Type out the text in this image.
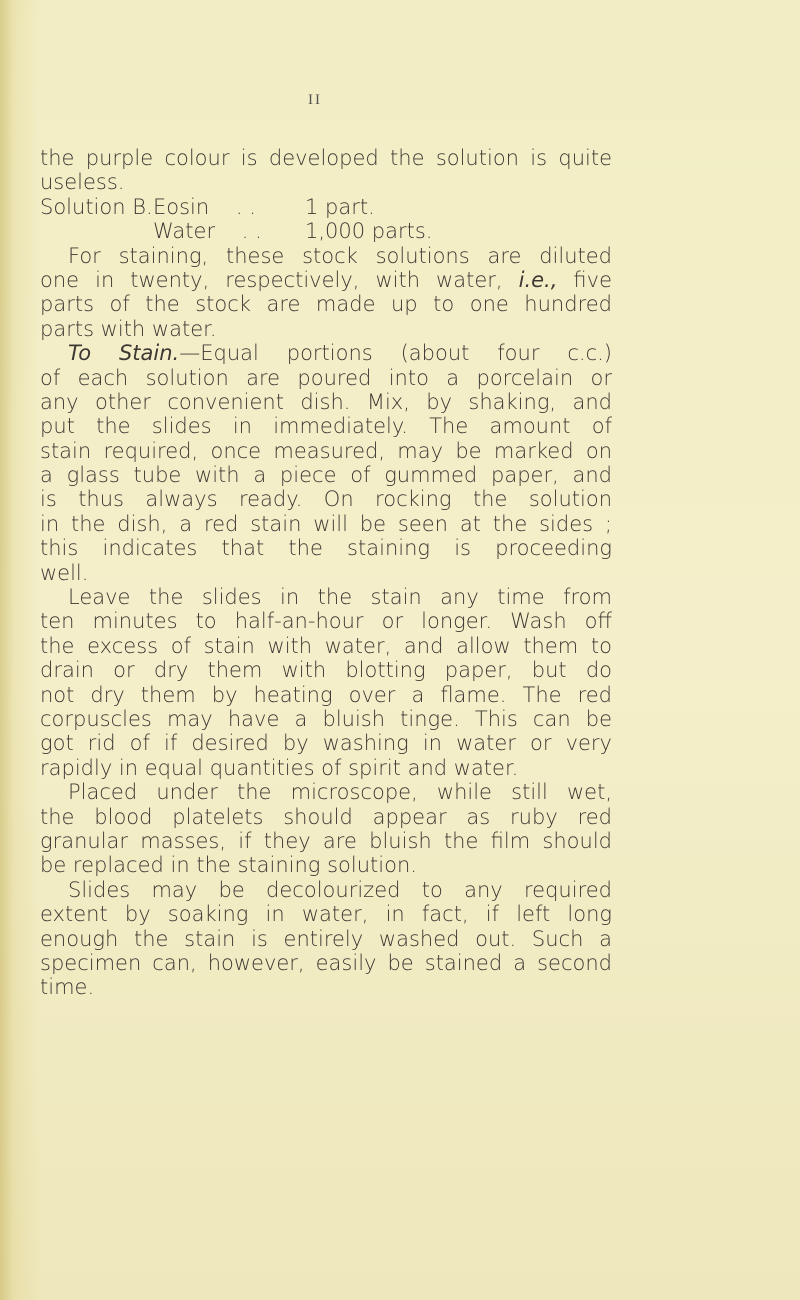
II
the purple colour is developed the solution is quite
useless.
Solution B. Eosin . .	1 part.
Water . .	1,000 parts.
For staining, these stock solutions are diluted
one in twenty, respectively, with water, i.e., five
parts of the stock are made up to one hundred
parts with water.
To Stain.—Equal portions (about four c.c.)
of each solution are poured into a porcelain or
any other convenient dish. Mix, by shaking, and
put the slides in immediately. The amount of
stain required, once measured, may be marked on
a glass tube with a piece of gummed paper, and
is thus always ready. On rocking the solution
in the dish, a red stain will be seen at the sides ;
this indicates that the staining is proceeding
well.
Leave the slides in the stain any time from
ten minutes to half-an-hour or longer. Wash off
the excess of stain with water, and allow them to
drain or dry them with blotting paper, but do
not dry them by heating over a flame. The red
corpuscles may have a bluish tinge. This can be
got rid of if desired by washing in water or very
rapidly in equal quantities of spirit and water.
Placed under the microscope, while still wet,
the blood platelets should appear as ruby red
granular masses, if they are bluish the film should
be replaced in the staining solution.
Slides may be decolourized to any required
extent by soaking in water, in fact, if left long
enough the stain is entirely washed out. Such a
specimen can, however, easily be stained a second
time.
